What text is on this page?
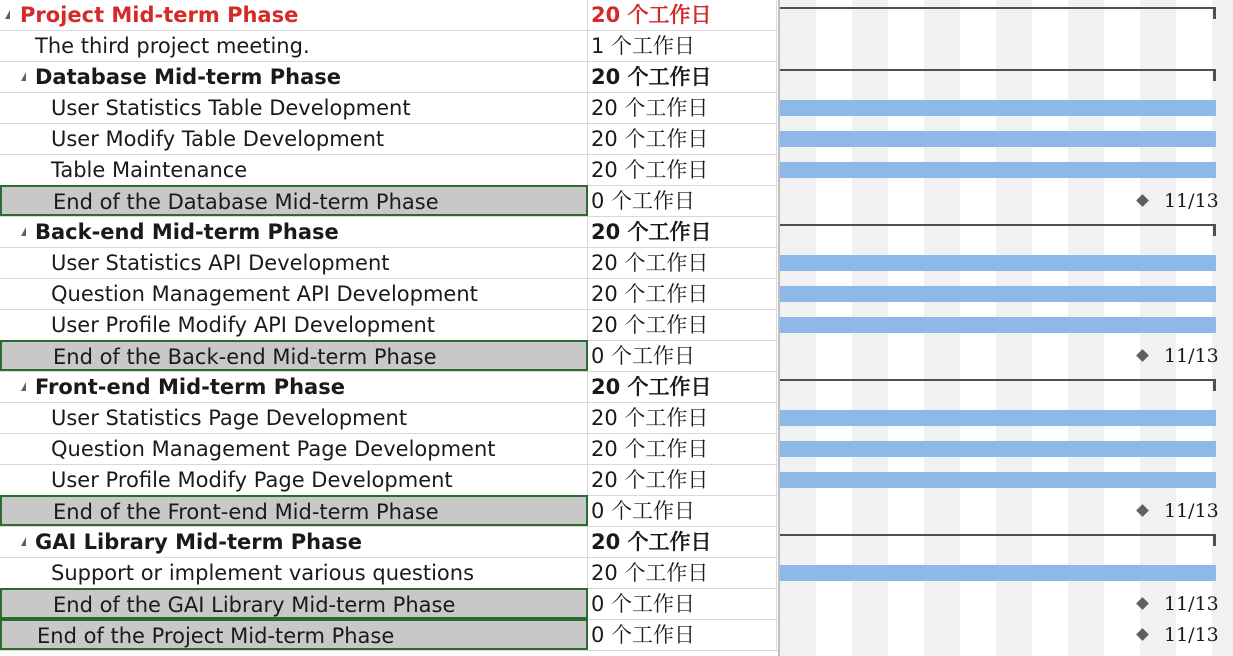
Project Mid-term Phase	20 个工作日
The third project meeting.	1 个工作日
Database Mid-term Phase	20 个工作日
User Statistics Table Development	20 个工作日
User Modify Table Development	20 个工作日
Table Maintenance	20 个工作日
End of the Database Mid-term Phase	0 个工作日
Back-end Mid-term Phase	20 个工作日
User Statistics API Development	20 个工作日
Question Management API Development	20 个工作日
User Profile Modify API Development	20 个工作日
End of the Back-end Mid-term Phase	0 个工作日
Front-end Mid-term Phase	20 个工作日
User Statistics Page Development	20 个工作日
Question Management Page Development	20 个工作日
User Profile Modify Page Development	20 个工作日
End of the Front-end Mid-term Phase	0 个工作日
GAI Library Mid-term Phase	20 个工作日
Support or implement various questions	20 个工作日
End of the GAI Library Mid-term Phase	0 个工作日
End of the Project Mid-term Phase	0 个工作日
11/13
11/13
11/13
11/13
11/13
